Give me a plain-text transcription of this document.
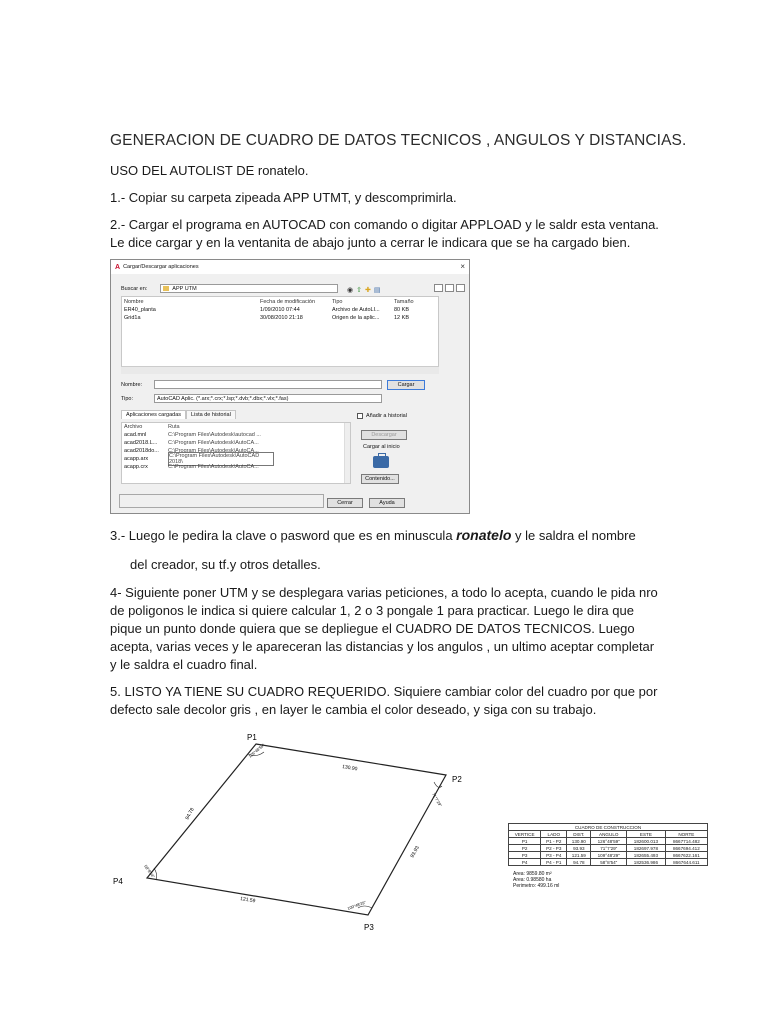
GENERACION DE CUADRO DE DATOS TECNICOS , ANGULOS Y DISTANCIAS.
USO DEL AUTOLIST DE ronatelo.
1.- Copiar su carpeta zipeada APP UTMT, y descomprimirla.
2.- Cargar el programa en AUTOCAD con comando o digitar APPLOAD y le saldr esta ventana. Le dice cargar y en la ventanita de abajo junto a cerrar le indicara que se ha cargado bien.
A Cargar/Descargar aplicaciones	×
Buscar en:	APP UTM	◉ ⇧ ✚ ▤
Nombre	Fecha de modificación	Tipo	Tamaño
ER40_planta	1/09/2010 07:44	Archivo de AutoLI...	80 KB
Grid1a	30/08/2010 21:18	Origen de la aplic...	12 KB
Nombre:	Cargar
Tipo:	AutoCAD Aplic. (*.arx;*.crx;*.lsp;*.dvb;*.dbx;*.vlx;*.fas)
Aplicaciones cargadas	Lista de historial	Añadir a historial
Archivo	Ruta
acad.mnl	C:\Program Files\Autodesk\autocad ...
acad2018.L...	C:\Program Files\Autodesk\AutoCA...
acad2018do...	C:\Program Files\Autodesk\AutoCA...
acapp.arx	C:\Program Files\Autodesk\AutoCAD 2018\
acapp.crx	C:\Program Files\Autodesk\AutoCA...
Descargar
Cargar al inicio
Contenido...
Cerrar	Ayuda
3.- Luego le pedira la clave o pasword que es en minuscula ronatelo y le saldra el nombre
del creador, su tf.y otros detalles.
4- Siguiente poner UTM y se desplegara varias peticiones, a todo lo acepta, cuando le pida nro de poligonos le indica si quiere calcular 1, 2 o 3 pongale 1 para practicar. Luego le dira que pique un punto donde quiera que se depliegue el CUADRO DE DATOS TECNICOS. Luego acepta, varias veces y le apareceran las distancias y los angulos , un ultimo aceptar completar y le saldra el cuadro final.
5. LISTO YA TIENE SU CUADRO REQUERIDO. Siquiere cambiar color del cuadro por que por defecto sale decolor gris , en layer le cambia el color deseado, y siga con su trabajo.
P1
P2
P3
P4
130.90
93.93
121.59
94.78
126°48'59"
71°7'29"
109°48'29"
58°8'54"
CUADRO DE CONSTRUCCION					
VERTICE	LADO	DIST.	ANGULO	ESTE	NORTE
P1	P1 - P2	130.90	126°48'59"	182600.013	8667714.482
P2	P2 - P3	93.93	71°7'29"	182697.978	8667694.412
P3	P3 - P4	121.59	109°48'29"	182655.493	8667622.161
P4	P4 - P1	94.78	58°8'54"	182536.986	8667644.611
Area: 9859.80 m²
Area: 0.98580 ha
Perimetro: 499.16 ml
